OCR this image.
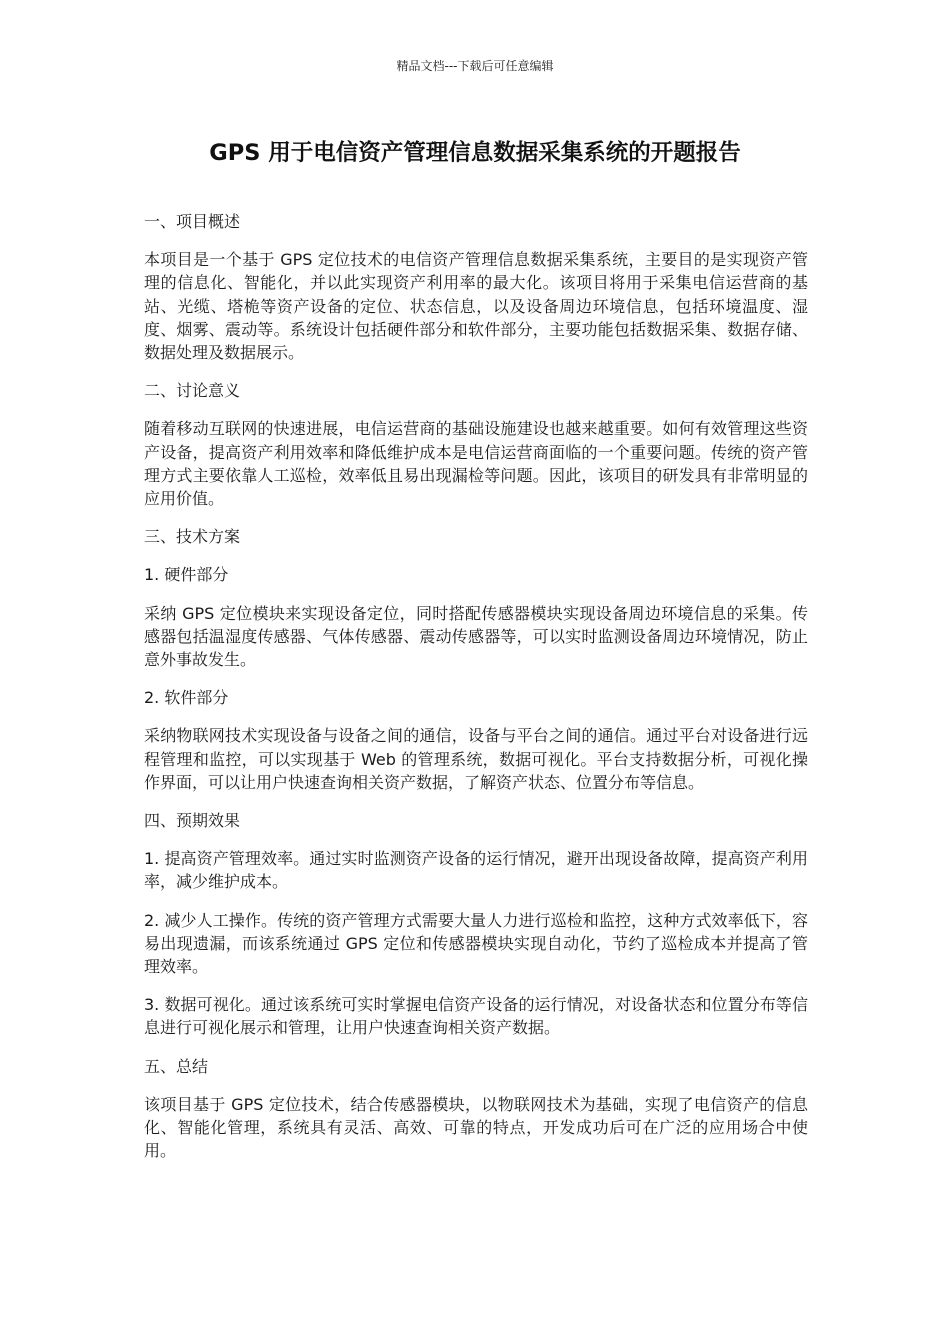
精品文档---下载后可任意编辑
GPS 用于电信资产管理信息数据采集系统的开题报告

一、项目概述

本项目是一个基于 GPS 定位技术的电信资产管理信息数据采集系统，主要目的是实现资产管理的信息化、智能化，并以此实现资产利用率的最大化。该项目将用于采集电信运营商的基站、光缆、塔桅等资产设备的定位、状态信息，以及设备周边环境信息，包括环境温度、湿度、烟雾、震动等。系统设计包括硬件部分和软件部分，主要功能包括数据采集、数据存储、数据处理及数据展示。

二、讨论意义

随着移动互联网的快速进展，电信运营商的基础设施建设也越来越重要。如何有效管理这些资产设备，提高资产利用效率和降低维护成本是电信运营商面临的一个重要问题。传统的资产管理方式主要依靠人工巡检，效率低且易出现漏检等问题。因此，该项目的研发具有非常明显的应用价值。

三、技术方案

1. 硬件部分

采纳 GPS 定位模块来实现设备定位，同时搭配传感器模块实现设备周边环境信息的采集。传感器包括温湿度传感器、气体传感器、震动传感器等，可以实时监测设备周边环境情况，防止意外事故发生。

2. 软件部分

采纳物联网技术实现设备与设备之间的通信，设备与平台之间的通信。通过平台对设备进行远程管理和监控，可以实现基于 Web 的管理系统，数据可视化。平台支持数据分析，可视化操作界面，可以让用户快速查询相关资产数据，了解资产状态、位置分布等信息。

四、预期效果

1. 提高资产管理效率。通过实时监测资产设备的运行情况，避开出现设备故障，提高资产利用率，减少维护成本。

2. 减少人工操作。传统的资产管理方式需要大量人力进行巡检和监控，这种方式效率低下，容易出现遗漏，而该系统通过 GPS 定位和传感器模块实现自动化，节约了巡检成本并提高了管理效率。

3. 数据可视化。通过该系统可实时掌握电信资产设备的运行情况，对设备状态和位置分布等信息进行可视化展示和管理，让用户快速查询相关资产数据。

五、总结

该项目基于 GPS 定位技术，结合传感器模块，以物联网技术为基础，实现了电信资产的信息化、智能化管理，系统具有灵活、高效、可靠的特点，开发成功后可在广泛的应用场合中使用。
